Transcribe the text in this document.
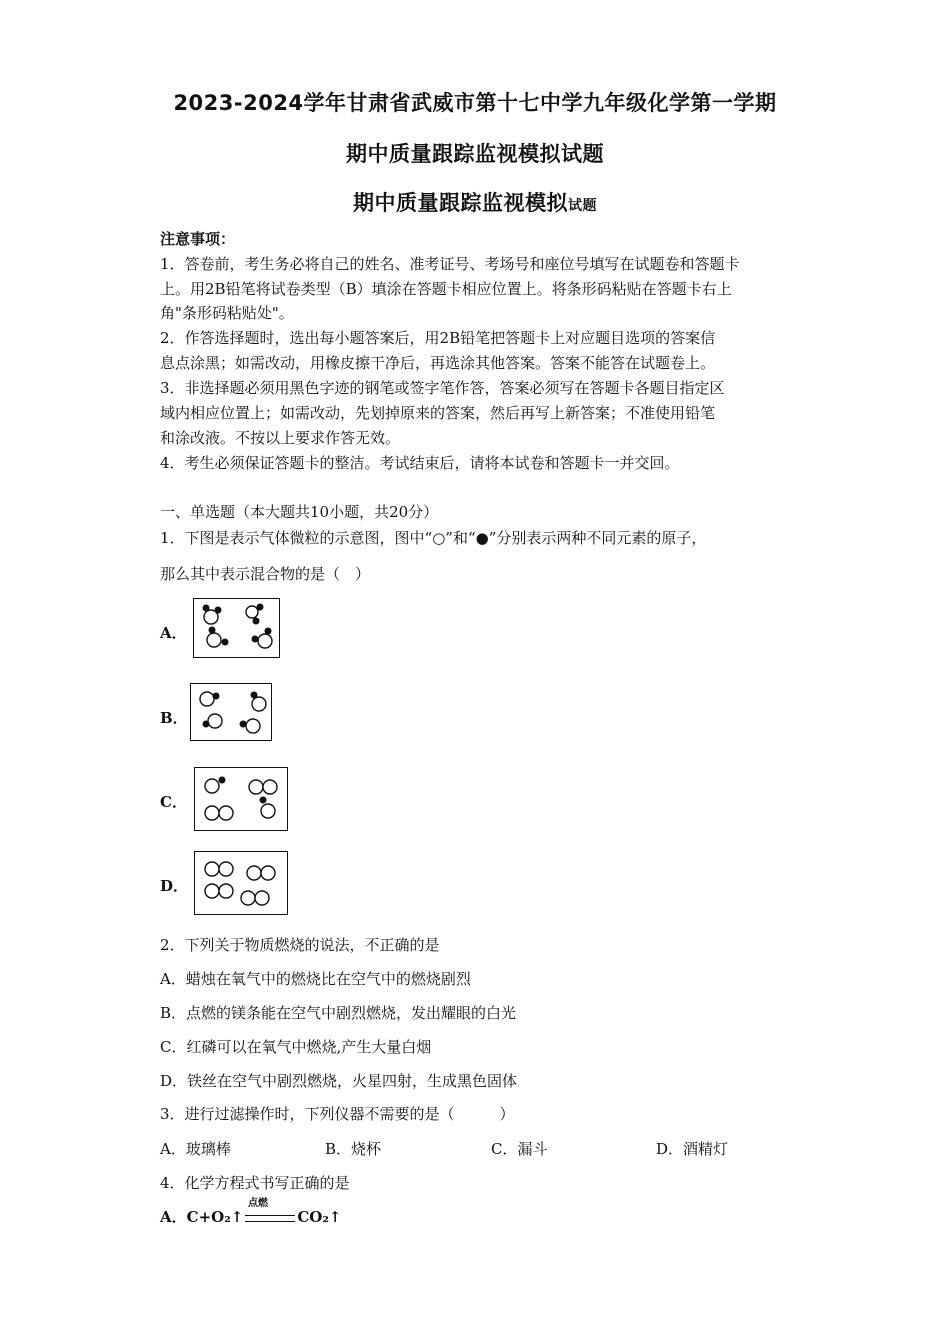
2023-2024学年甘肃省武威市第十七中学九年级化学第一学期
期中质量跟踪监视模拟试题
期中质量跟踪监视模拟试题
注意事项：
1．答卷前，考生务必将自己的姓名、准考证号、考场号和座位号填写在试题卷和答题卡
上。用2B铅笔将试卷类型（B）填涂在答题卡相应位置上。将条形码粘贴在答题卡右上
角"条形码粘贴处"。
2．作答选择题时，选出每小题答案后，用2B铅笔把答题卡上对应题目选项的答案信
息点涂黑；如需改动，用橡皮擦干净后，再选涂其他答案。答案不能答在试题卷上。
3．非选择题必须用黑色字迹的钢笔或签字笔作答，答案必须写在答题卡各题目指定区
域内相应位置上；如需改动，先划掉原来的答案，然后再写上新答案；不准使用铅笔
和涂改液。不按以上要求作答无效。
4．考生必须保证答题卡的整洁。考试结束后，请将本试卷和答题卡一并交回。
一、单选题（本大题共10小题，共20分）
1．下图是表示气体微粒的示意图，图中“○”和“●”分别表示两种不同元素的原子，
那么其中表示混合物的是（　）
A．
B．
C．
D．
2．下列关于物质燃烧的说法，不正确的是
A．蜡烛在氧气中的燃烧比在空气中的燃烧剧烈
B．点燃的镁条能在空气中剧烈燃烧，发出耀眼的白光
C．红磷可以在氧气中燃烧,产生大量白烟
D．铁丝在空气中剧烈燃烧，火星四射，生成黑色固体
3．进行过滤操作时，下列仪器不需要的是（　　　）
A．玻璃棒	B．烧杯	C．漏斗	D．酒精灯
4．化学方程式书写正确的是
A．C+O₂↑
点燃
CO₂↑
